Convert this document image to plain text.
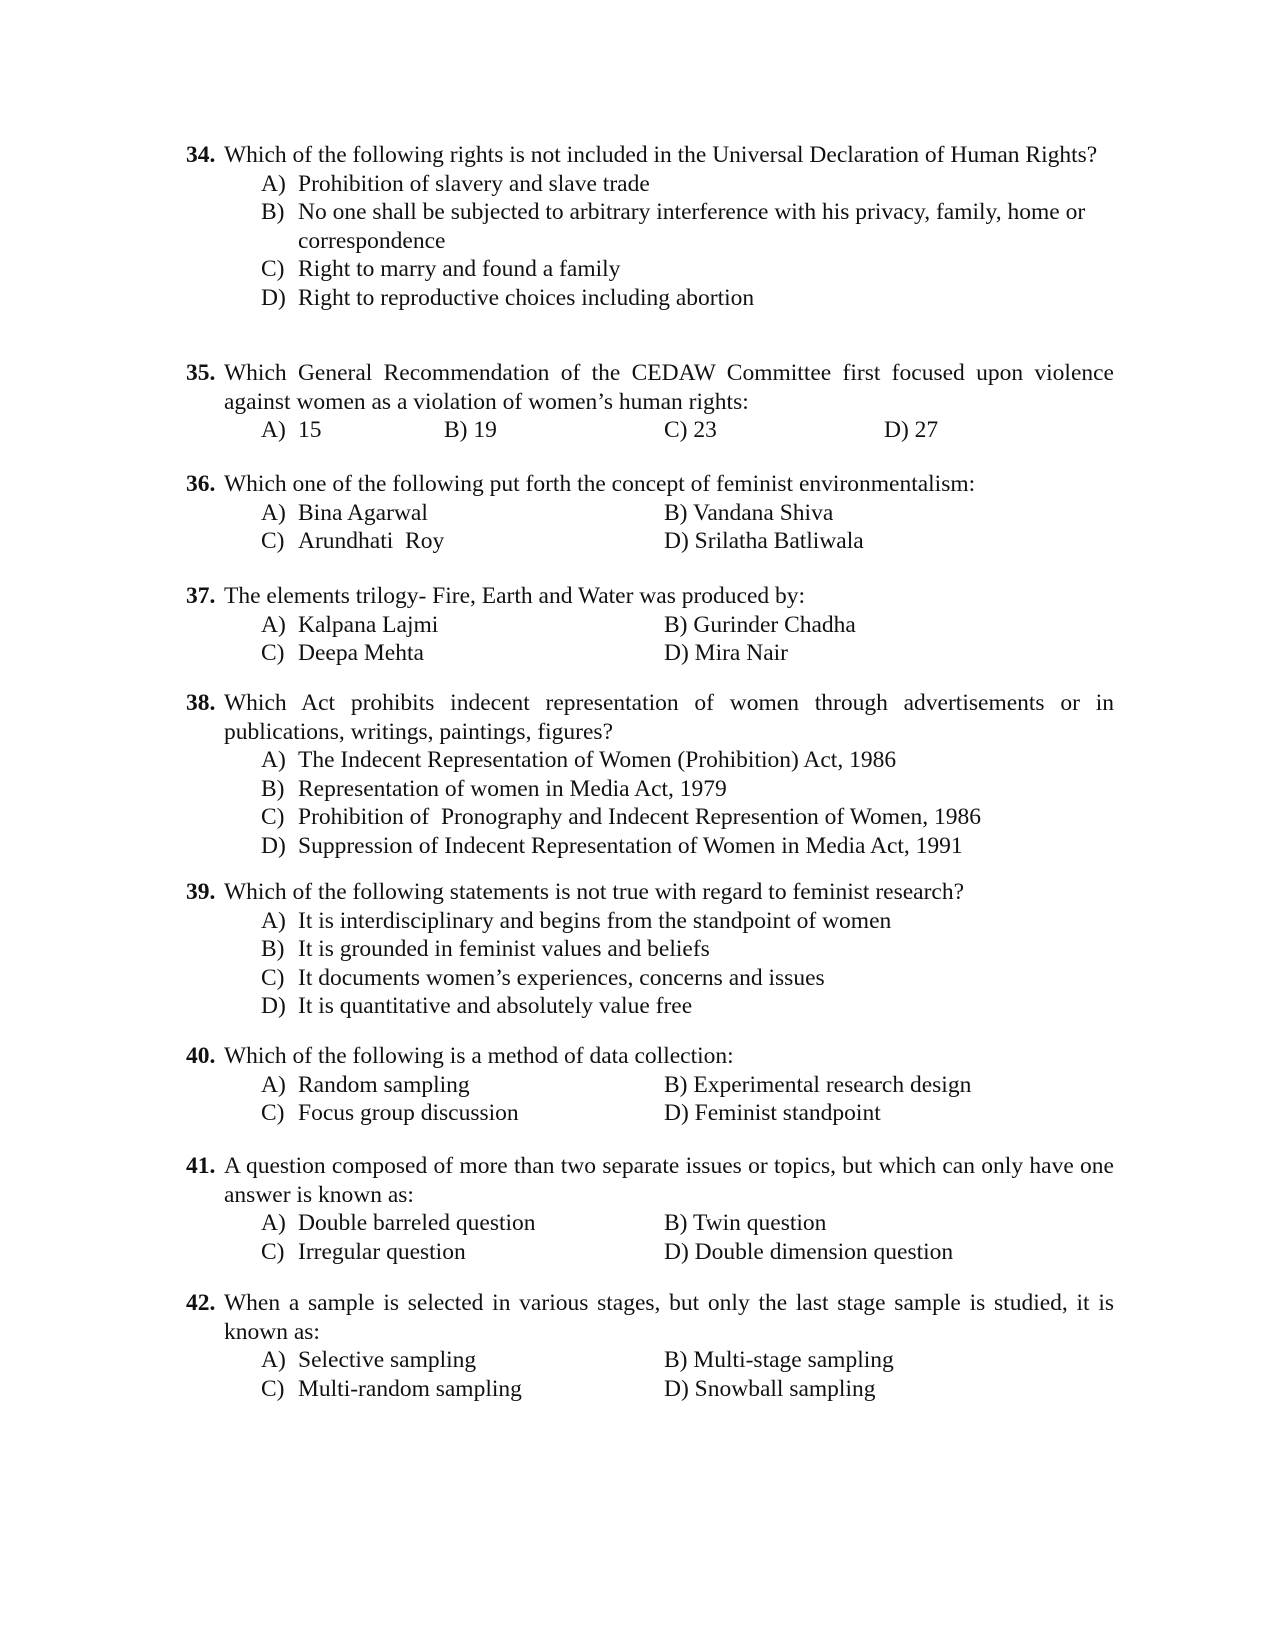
34. Which of the following rights is not included in the Universal Declaration of Human Rights?
A) Prohibition of slavery and slave trade
B) No one shall be subjected to arbitrary interference with his privacy, family, home or correspondence
C) Right to marry and found a family
D) Right to reproductive choices including abortion
35. Which General Recommendation of the CEDAW Committee first focused upon violence against women as a violation of women’s human rights:
A) 15	B) 19	C) 23	D) 27
36. Which one of the following put forth the concept of feminist environmentalism:
A) Bina Agarwal	B) Vandana Shiva
C) Arundhati  Roy	D) Srilatha Batliwala
37. The elements trilogy- Fire, Earth and Water was produced by:
A) Kalpana Lajmi	B) Gurinder Chadha
C) Deepa Mehta	D) Mira Nair
38. Which Act prohibits indecent representation of women through advertisements or in publications, writings, paintings, figures?
A) The Indecent Representation of Women (Prohibition) Act, 1986
B) Representation of women in Media Act, 1979
C) Prohibition of  Pronography and Indecent Represention of Women, 1986
D) Suppression of Indecent Representation of Women in Media Act, 1991
39. Which of the following statements is not true with regard to feminist research?
A) It is interdisciplinary and begins from the standpoint of women
B) It is grounded in feminist values and beliefs
C) It documents women’s experiences, concerns and issues
D) It is quantitative and absolutely value free
40. Which of the following is a method of data collection:
A) Random sampling	B) Experimental research design
C) Focus group discussion	D) Feminist standpoint
41. A question composed of more than two separate issues or topics, but which can only have one answer is known as:
A) Double barreled question	B) Twin question
C) Irregular question	D) Double dimension question
42. When a sample is selected in various stages, but only the last stage sample is studied, it is known as:
A) Selective sampling	B) Multi-stage sampling
C) Multi-random sampling	D) Snowball sampling
